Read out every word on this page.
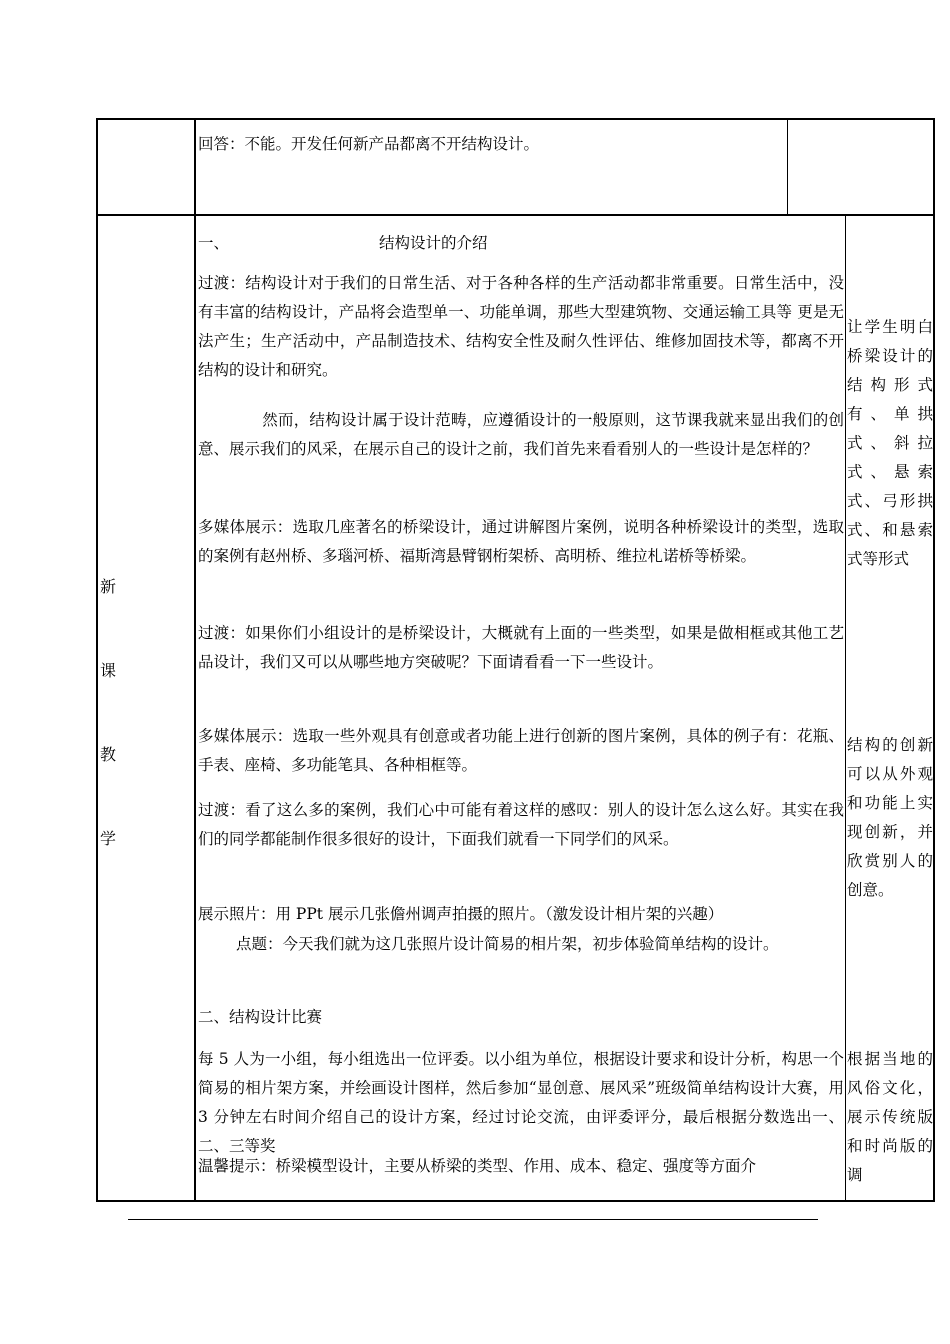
回答：不能。开发任何新产品都离不开结构设计。
新
课
教
学
一、	结构设计的介绍
过渡：结构设计对于我们的日常生活、对于各种各样的生产活动都非常重要。日常生活中，没有丰富的结构设计，产品将会造型单一、功能单调，那些大型建筑物、交通运输工具等 更是无法产生；生产活动中，产品制造技术、结构安全性及耐久性评估、维修加固技术等，都离不开结构的设计和研究。
然而，结构设计属于设计范畴，应遵循设计的一般原则，这节课我就来显出我们的创意、展示我们的风采，在展示自己的设计之前，我们首先来看看别人的一些设计是怎样的？
多媒体展示：选取几座著名的桥梁设计，通过讲解图片案例，说明各种桥梁设计的类型，选取的案例有赵州桥、多瑙河桥、福斯湾悬臂钢桁架桥、高明桥、维拉札诺桥等桥梁。
过渡：如果你们小组设计的是桥梁设计，大概就有上面的一些类型，如果是做相框或其他工艺品设计，我们又可以从哪些地方突破呢？下面请看看一下一些设计。
多媒体展示：选取一些外观具有创意或者功能上进行创新的图片案例，具体的例子有：花瓶、手表、座椅、多功能笔具、各种相框等。
过渡：看了这么多的案例，我们心中可能有着这样的感叹：别人的设计怎么这么好。其实在我们的同学都能制作很多很好的设计，下面我们就看一下同学们的风采。
展示照片：用 PPt 展示几张儋州调声拍摄的照片。（激发设计相片架的兴趣）
点题：今天我们就为这几张照片设计简易的相片架，初步体验简单结构的设计。
二、结构设计比赛
每 5 人为一小组，每小组选出一位评委。以小组为单位，根据设计要求和设计分析，构思一个简易的相片架方案，并绘画设计图样，然后参加“显创意、展风采”班级简单结构设计大赛，用 3 分钟左右时间介绍自己的设计方案，经过讨论交流，由评委评分，最后根据分数选出一、二、三等奖
温馨提示：桥梁模型设计，主要从桥梁的类型、作用、成本、稳定、强度等方面介
让学生明白桥梁设计的结构形式有、单拱式、斜拉式、悬索式、弓形拱式、和悬索式等形式
结构的创新可以从外观和功能上实现创新，并欣赏别人的创意。
根据当地的风俗文化，展示传统版和时尚版的调
